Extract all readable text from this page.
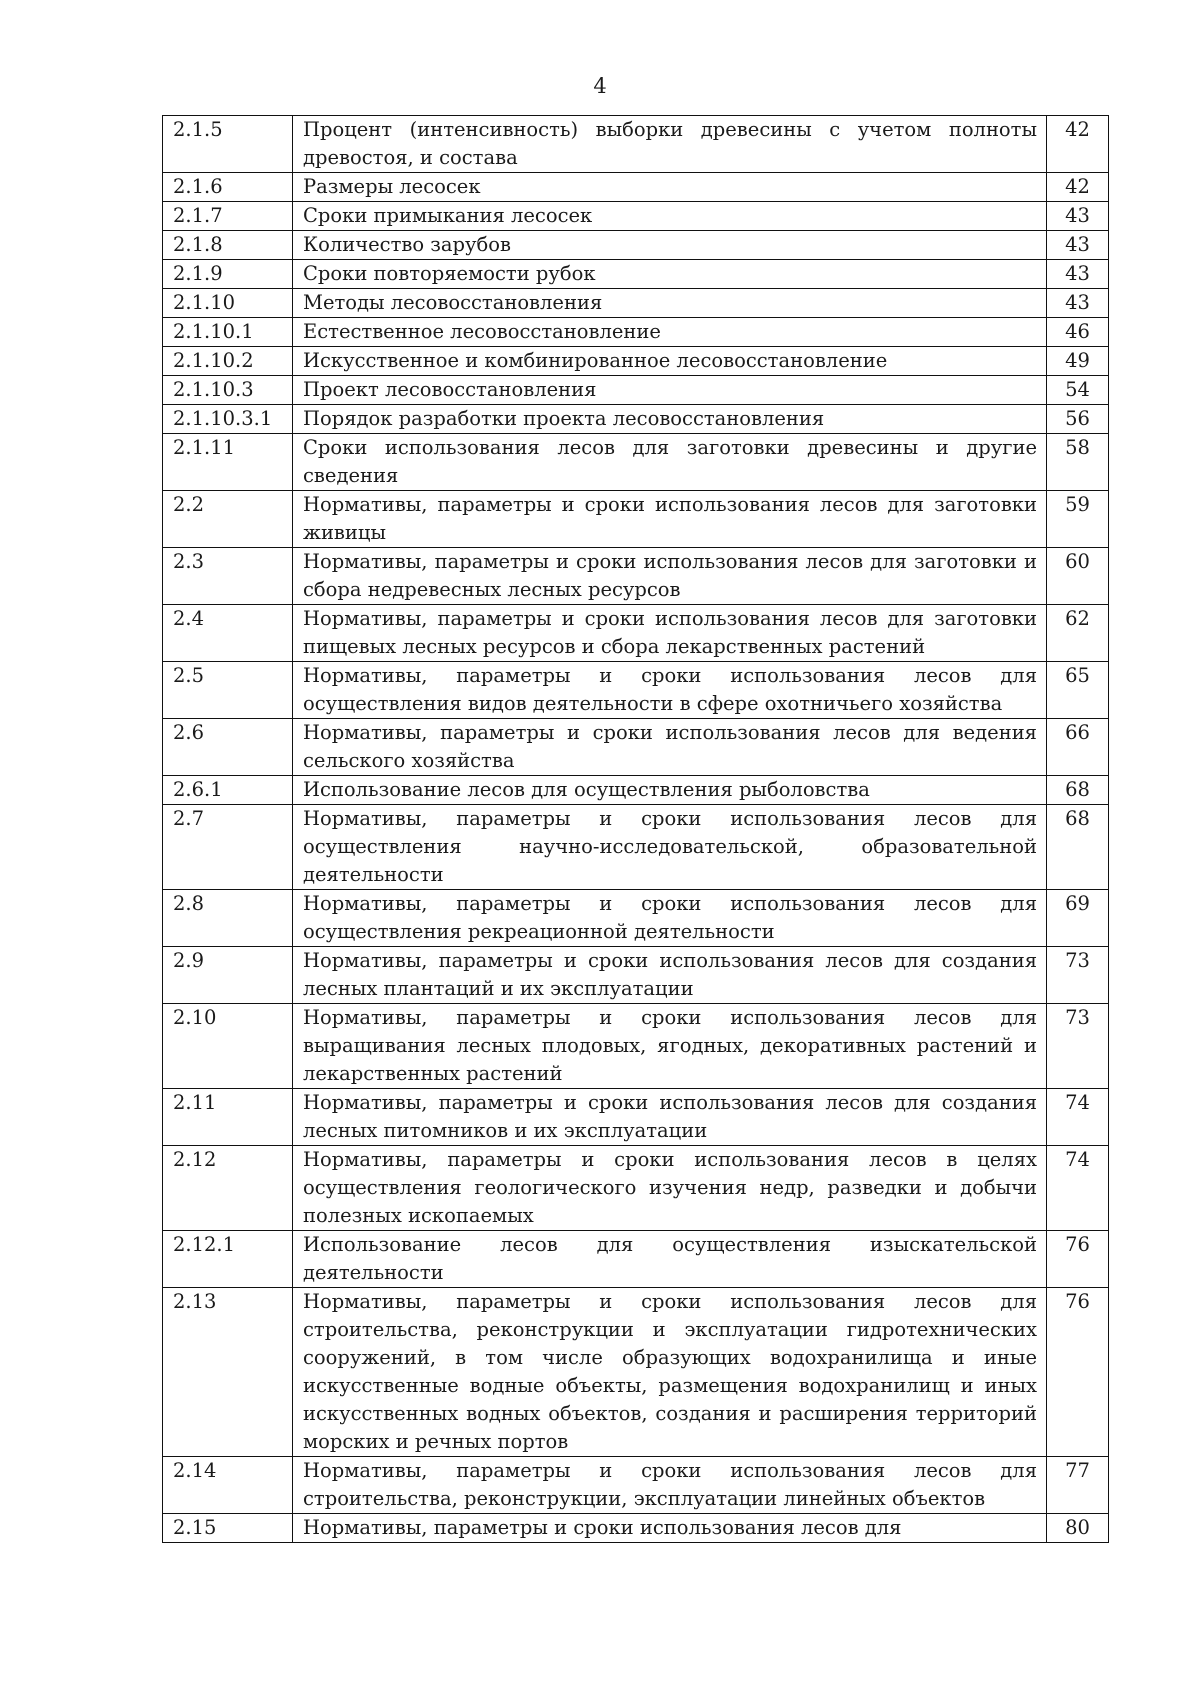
4
2.1.5	Процент (интенсивность) выборки древесины с учетом полноты древостоя, и состава	42
2.1.6	Размеры лесосек	42
2.1.7	Сроки примыкания лесосек	43
2.1.8	Количество зарубов	43
2.1.9	Сроки повторяемости рубок	43
2.1.10	Методы лесовосстановления	43
2.1.10.1	Естественное лесовосстановление	46
2.1.10.2	Искусственное и комбинированное лесовосстановление	49
2.1.10.3	Проект лесовосстановления	54
2.1.10.3.1	Порядок разработки проекта лесовосстановления	56
2.1.11	Сроки использования лесов для заготовки древесины и другие сведения	58
2.2	Нормативы, параметры и сроки использования лесов для заготовки живицы	59
2.3	Нормативы, параметры и сроки использования лесов для заготовки и сбора недревесных лесных ресурсов	60
2.4	Нормативы, параметры и сроки использования лесов для заготовки пищевых лесных ресурсов и сбора лекарственных растений	62
2.5	Нормативы, параметры и сроки использования лесов для осуществления видов деятельности в сфере охотничьего хозяйства	65
2.6	Нормативы, параметры и сроки использования лесов для ведения сельского хозяйства	66
2.6.1	Использование лесов для осуществления рыболовства	68
2.7	Нормативы, параметры и сроки использования лесов для осуществления научно-исследовательской, образовательной деятельности	68
2.8	Нормативы, параметры и сроки использования лесов для осуществления рекреационной деятельности	69
2.9	Нормативы, параметры и сроки использования лесов для создания лесных плантаций и их эксплуатации	73
2.10	Нормативы, параметры и сроки использования лесов для выращивания лесных плодовых, ягодных, декоративных растений и лекарственных растений	73
2.11	Нормативы, параметры и сроки использования лесов для создания лесных питомников и их эксплуатации	74
2.12	Нормативы, параметры и сроки использования лесов в целях осуществления геологического изучения недр, разведки и добычи полезных ископаемых	74
2.12.1	Использование лесов для осуществления изыскательской деятельности	76
2.13	Нормативы, параметры и сроки использования лесов для строительства, реконструкции и эксплуатации гидротехнических сооружений, в том числе образующих водохранилища и иные искусственные водные объекты, размещения водохранилищ и иных искусственных водных объектов, создания и расширения территорий морских и речных портов	76
2.14	Нормативы, параметры и сроки использования лесов для строительства, реконструкции, эксплуатации линейных объектов	77
2.15	Нормативы, параметры и сроки использования лесов для	80
